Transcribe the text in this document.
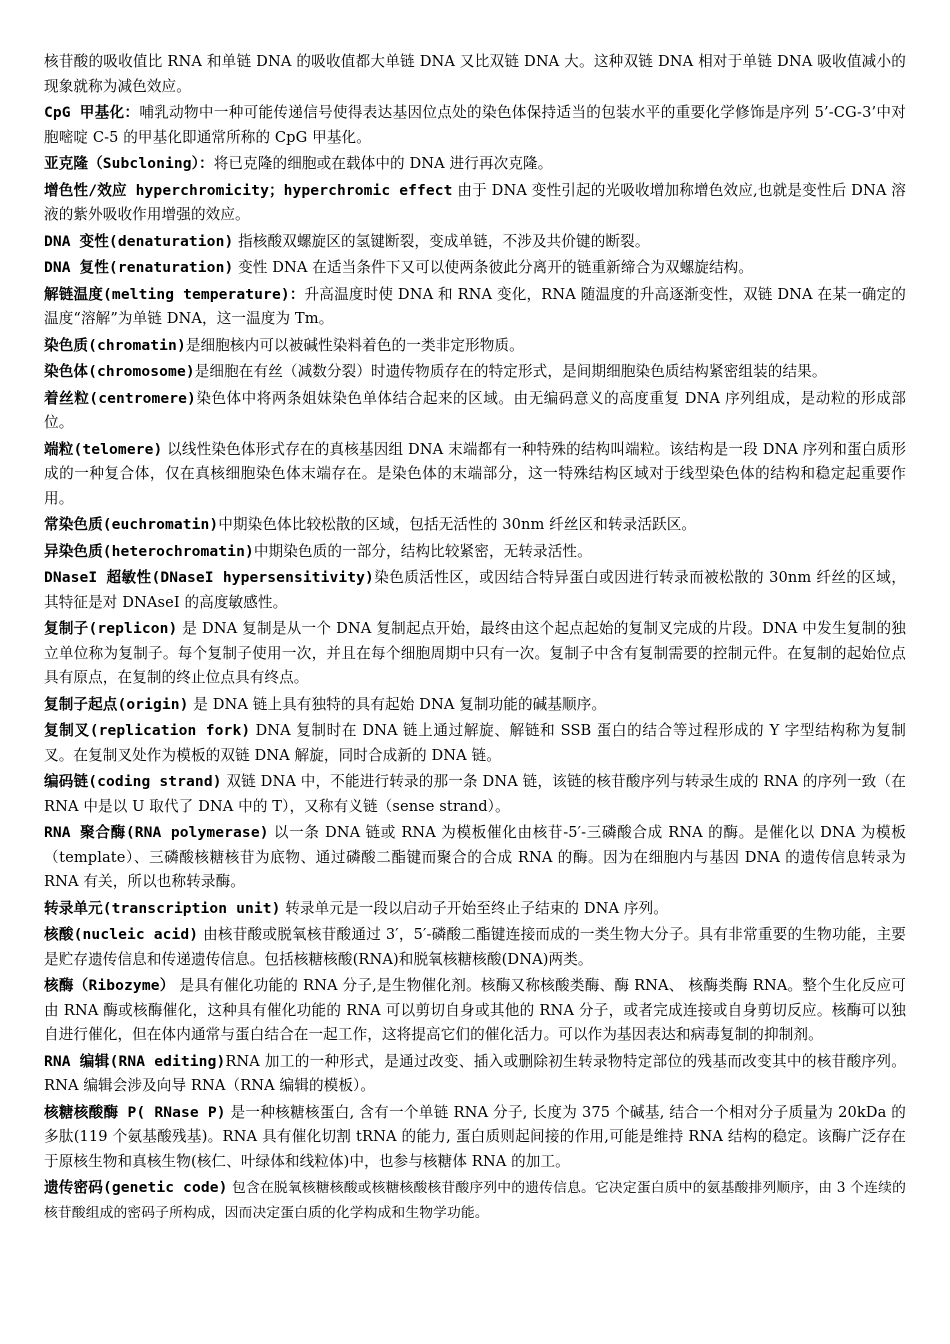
核苷酸的吸收值比 RNA 和单链 DNA 的吸收值都大单链 DNA 又比双链 DNA 大。这种双链 DNA 相对于单链 DNA 吸收值减小的现象就称为减色效应。

CpG 甲基化：哺乳动物中一种可能传递信号使得表达基因位点处的染色体保持适当的包装水平的重要化学修饰是序列 5’-CG-3’中对胞嘧啶 C-5 的甲基化即通常所称的 CpG 甲基化。

亚克隆（Subcloning）：将已克隆的细胞或在载体中的 DNA 进行再次克隆。

增色性/效应 hyperchromicity；hyperchromic effect 由于 DNA 变性引起的光吸收增加称增色效应,也就是变性后 DNA 溶液的紫外吸收作用增强的效应。

DNA 变性(denaturation) 指核酸双螺旋区的氢键断裂，变成单链，不涉及共价键的断裂。

DNA 复性(renaturation) 变性 DNA 在适当条件下又可以使两条彼此分离开的链重新缔合为双螺旋结构。

解链温度(melting temperature)：升高温度时使 DNA 和 RNA 变化，RNA 随温度的升高逐渐变性，双链 DNA 在某一确定的温度“溶解”为单链 DNA，这一温度为 Tm。

染色质(chromatin)是细胞核内可以被碱性染料着色的一类非定形物质。

染色体(chromosome)是细胞在有丝（减数分裂）时遗传物质存在的特定形式，是间期细胞染色质结构紧密组装的结果。

着丝粒(centromere)染色体中将两条姐妹染色单体结合起来的区域。由无编码意义的高度重复 DNA 序列组成，是动粒的形成部位。

端粒(telomere) 以线性染色体形式存在的真核基因组 DNA 末端都有一种特殊的结构叫端粒。该结构是一段 DNA 序列和蛋白质形成的一种复合体，仅在真核细胞染色体末端存在。是染色体的末端部分，这一特殊结构区域对于线型染色体的结构和稳定起重要作用。

常染色质(euchromatin)中期染色体比较松散的区域，包括无活性的 30nm 纤丝区和转录活跃区。

异染色质(heterochromatin)中期染色质的一部分，结构比较紧密，无转录活性。

DNaseI 超敏性(DNaseI hypersensitivity)染色质活性区，或因结合特异蛋白或因进行转录而被松散的 30nm 纤丝的区域，其特征是对 DNAseI 的高度敏感性。

复制子(replicon) 是 DNA 复制是从一个 DNA 复制起点开始，最终由这个起点起始的复制叉完成的片段。DNA 中发生复制的独立单位称为复制子。每个复制子使用一次，并且在每个细胞周期中只有一次。复制子中含有复制需要的控制元件。在复制的起始位点具有原点，在复制的终止位点具有终点。

复制子起点(origin) 是 DNA 链上具有独特的具有起始 DNA 复制功能的碱基顺序。

复制叉(replication fork) DNA 复制时在 DNA 链上通过解旋、解链和 SSB 蛋白的结合等过程形成的 Y 字型结构称为复制叉。在复制叉处作为模板的双链 DNA 解旋，同时合成新的 DNA 链。

编码链(coding strand) 双链 DNA 中，不能进行转录的那一条 DNA 链，该链的核苷酸序列与转录生成的 RNA 的序列一致（在 RNA 中是以 U 取代了 DNA 中的 T），又称有义链（sense strand）。

RNA 聚合酶(RNA polymerase) 以一条 DNA 链或 RNA 为模板催化由核苷-5′-三磷酸合成 RNA 的酶。是催化以 DNA 为模板（template）、三磷酸核糖核苷为底物、通过磷酸二酯键而聚合的合成 RNA 的酶。因为在细胞内与基因 DNA 的遗传信息转录为 RNA 有关，所以也称转录酶。

转录单元(transcription unit) 转录单元是一段以启动子开始至终止子结束的 DNA 序列。

核酸(nucleic acid) 由核苷酸或脱氧核苷酸通过 3′，5′-磷酸二酯键连接而成的一类生物大分子。具有非常重要的生物功能，主要是贮存遗传信息和传递遗传信息。包括核糖核酸(RNA)和脱氧核糖核酸(DNA)两类。

核酶（Ribozyme） 是具有催化功能的 RNA 分子,是生物催化剂。核酶又称核酸类酶、酶 RNA、 核酶类酶 RNA。整个生化反应可由 RNA 酶或核酶催化，这种具有催化功能的 RNA 可以剪切自身或其他的 RNA 分子，或者完成连接或自身剪切反应。核酶可以独自进行催化，但在体内通常与蛋白结合在一起工作，这将提高它们的催化活力。可以作为基因表达和病毒复制的抑制剂。

RNA 编辑(RNA editing)RNA 加工的一种形式，是通过改变、插入或删除初生转录物特定部位的残基而改变其中的核苷酸序列。RNA 编辑会涉及向导 RNA（RNA 编辑的模板）。

核糖核酸酶 P( RNase P) 是一种核糖核蛋白, 含有一个单链 RNA 分子, 长度为 375 个碱基, 结合一个相对分子质量为 20kDa 的多肽(119 个氨基酸残基)。RNA 具有催化切割 tRNA 的能力, 蛋白质则起间接的作用,可能是维持 RNA 结构的稳定。该酶广泛存在于原核生物和真核生物(核仁、叶绿体和线粒体)中，也参与核糖体 RNA 的加工。

遗传密码(genetic code) 包含在脱氧核糖核酸或核糖核酸核苷酸序列中的遗传信息。它决定蛋白质中的氨基酸排列顺序，由 3 个连续的核苷酸组成的密码子所构成，因而决定蛋白质的化学构成和生物学功能。
